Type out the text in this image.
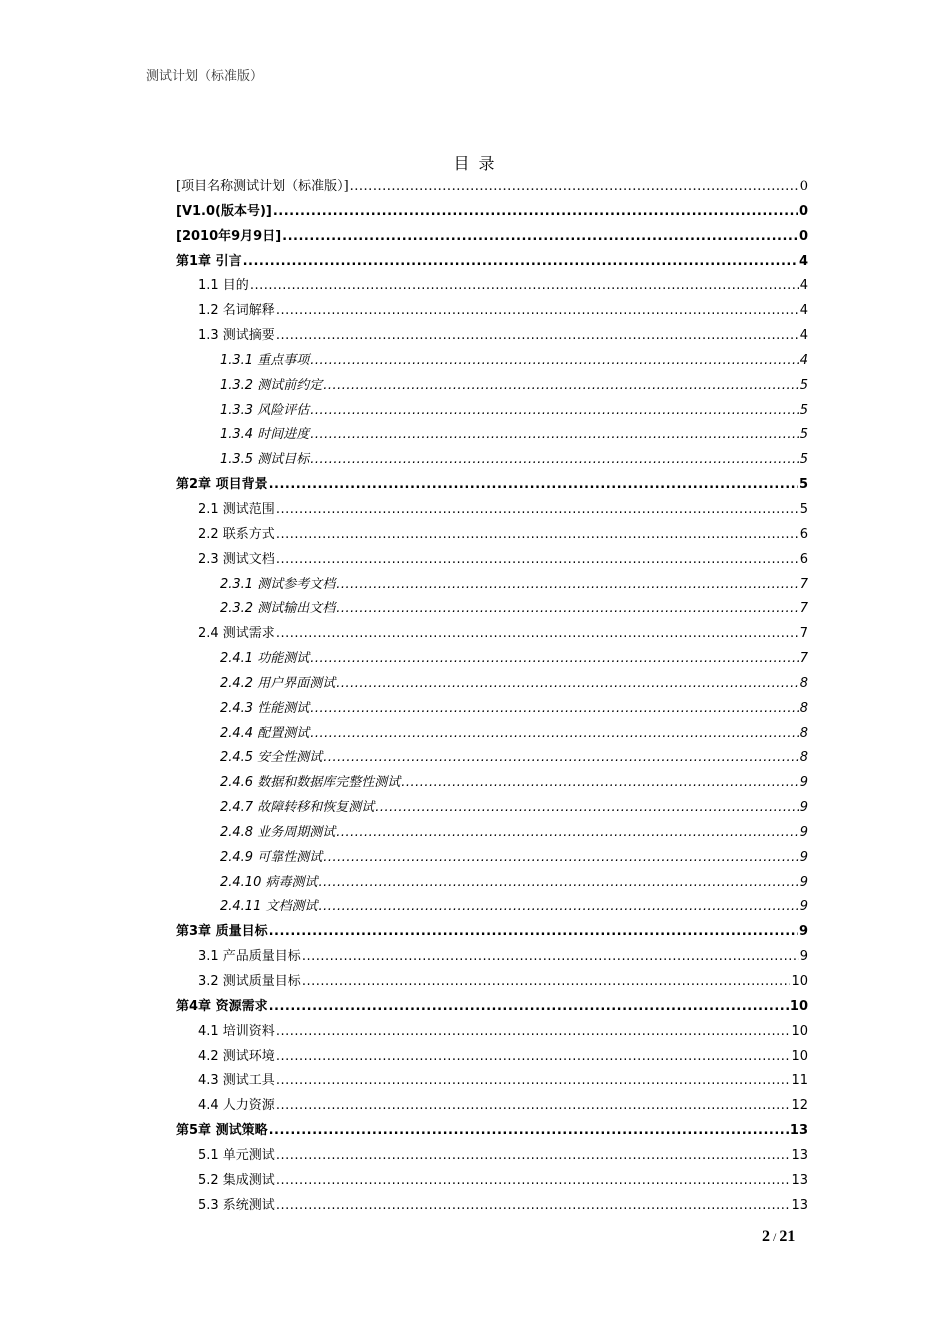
测试计划（标准版）
目 录
[项目名称测试计划（标准版）] .....	0
[V1.0(版本号)] .....	0
[2010年9月9日] .....	0
第1章 引言 .....	4
1.1 目的 .....	4
1.2 名词解释 .....	4
1.3 测试摘要 .....	4
1.3.1 重点事项 .....	4
1.3.2 测试前约定 .....	5
1.3.3 风险评估 .....	5
1.3.4 时间进度 .....	5
1.3.5 测试目标 .....	5
第2章 项目背景 .....	5
2.1 测试范围 .....	5
2.2 联系方式 .....	6
2.3 测试文档 .....	6
2.3.1 测试参考文档 .....	7
2.3.2 测试输出文档 .....	7
2.4 测试需求 .....	7
2.4.1 功能测试 .....	7
2.4.2 用户界面测试 .....	8
2.4.3 性能测试 .....	8
2.4.4 配置测试 .....	8
2.4.5 安全性测试 .....	8
2.4.6 数据和数据库完整性测试 .....	9
2.4.7 故障转移和恢复测试 .....	9
2.4.8 业务周期测试 .....	9
2.4.9 可靠性测试 .....	9
2.4.10 病毒测试 .....	9
2.4.11 文档测试 .....	9
第3章 质量目标 .....	9
3.1 产品质量目标 .....	9
3.2 测试质量目标 .....	10
第4章 资源需求 .....	10
4.1 培训资料 .....	10
4.2 测试环境 .....	10
4.3 测试工具 .....	11
4.4 人力资源 .....	12
第5章 测试策略 .....	13
5.1 单元测试 .....	13
5.2 集成测试 .....	13
5.3 系统测试 .....	13
2 / 21
